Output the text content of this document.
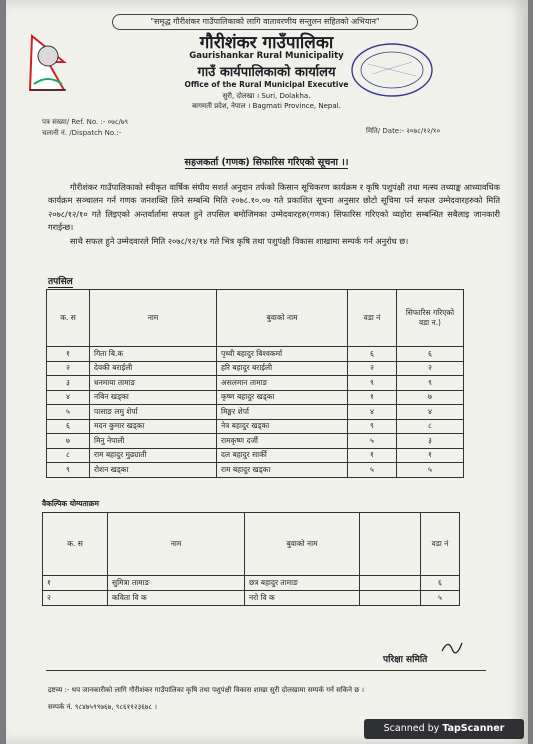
"समृद्ध गौरीशंकर गाउँपालिकाको लागि वातावरणीय सन्तुलन सहितको अभियान"
गौरीशंकर गाउँपालिका
Gaurishankar Rural Municipality
गाउँ कार्यपालिकाको कार्यालय
Office of the Rural Municipal Executive
सुरी, दोलखा । Suri, Dolakha.
बागमती प्रदेश, नेपाल । Bagmati Province, Nepal.
पत्र संख्या/ Ref. No. :- ०७८/७९
चलानी नं. /Dispatch No.:-	मिति/ Date:- २०७८/१२/१०
सहजकर्ता (गणक) सिफारिस गरिएको सूचना ।।
गौरीशंकर गाउँपालिकाको स्वीकृत वार्षिक संघीय सशर्त अनुदान तर्फको किसान सूचिकरण कार्यक्रम र कृषि पशुपंक्षी तथा मत्स्य तथ्याङ्क आध्यावधिक कार्यक्रम सञ्चालन गर्न गणक जनशक्ति लिने सम्बन्धि मिति २०७८.१०.०७ गते प्रकाशित सूचना अनुसार छोटो सूचिमा पर्न सफल उम्मेदवारहरुको मिति २०७८/१२/१० गते लिइएको अन्तर्वार्तामा सफल हुने तपसिल बमोजिमका उम्मेदवारहरु(गणक) सिफारिस गरिएको व्यहोरा सम्बन्धित सबैलाइ जानकारी गराईन्छ।
साथै सफल हुने उम्मेदवारले मिति २०७८/१२/१४ गते भित्र कृषि तथा पशुपंक्षी विकास शाखामा सम्पर्क गर्न अनुरोध छ।
तपसिल
क. स	नाम	बुवाको नाम	वडा नं	सिफारिस गरिएको वडा न.)
१	गिता बि.क	पृथ्वी बहादुर बिश्वकर्मा	६	६
२	देवकी बराईली	हरि बहादुर बराईली	२	२
३	धनमाया तामाङ	असलमान तामाङ	९	९
४	नबिन खड्का	कृष्ण बहादुर खड्का	१	७
५	पासाङ लमु शेर्पा	मिङ्मर शेर्पा	४	४
६	मदन कुमार खड्का	नेत्र बहादुर खड्का	९	८
७	मिनु नेपाली	रामकृष्ण दर्जी	५	३
८	राम बहादुर मुढ्याती	दल बहादुर सार्की	१	१
९	रोशन खड्का	राम बहादुर खड्का	५	५
वैकल्पिक योग्यताक्रम
क. स	नाम	बुवाको नाम		वडा नं
१	सुमित्रा तामाङ	छत्र बहादुर तामाङ		६
२	कविता वि क	नरो वि क		५
परिक्षा समिति
द्रष्टव्य :- थप जानकारीको लागि गौरीशंकर गाउँपालिका कृषि तथा पशुपंक्षी विकास शाखा सुरी दोलखामा सम्पर्क गर्न सकिने छ ।
सम्पर्क नं. ९८४७५९९७६७, ९८६११२३६७८ ।
Scanned by TapScanner
